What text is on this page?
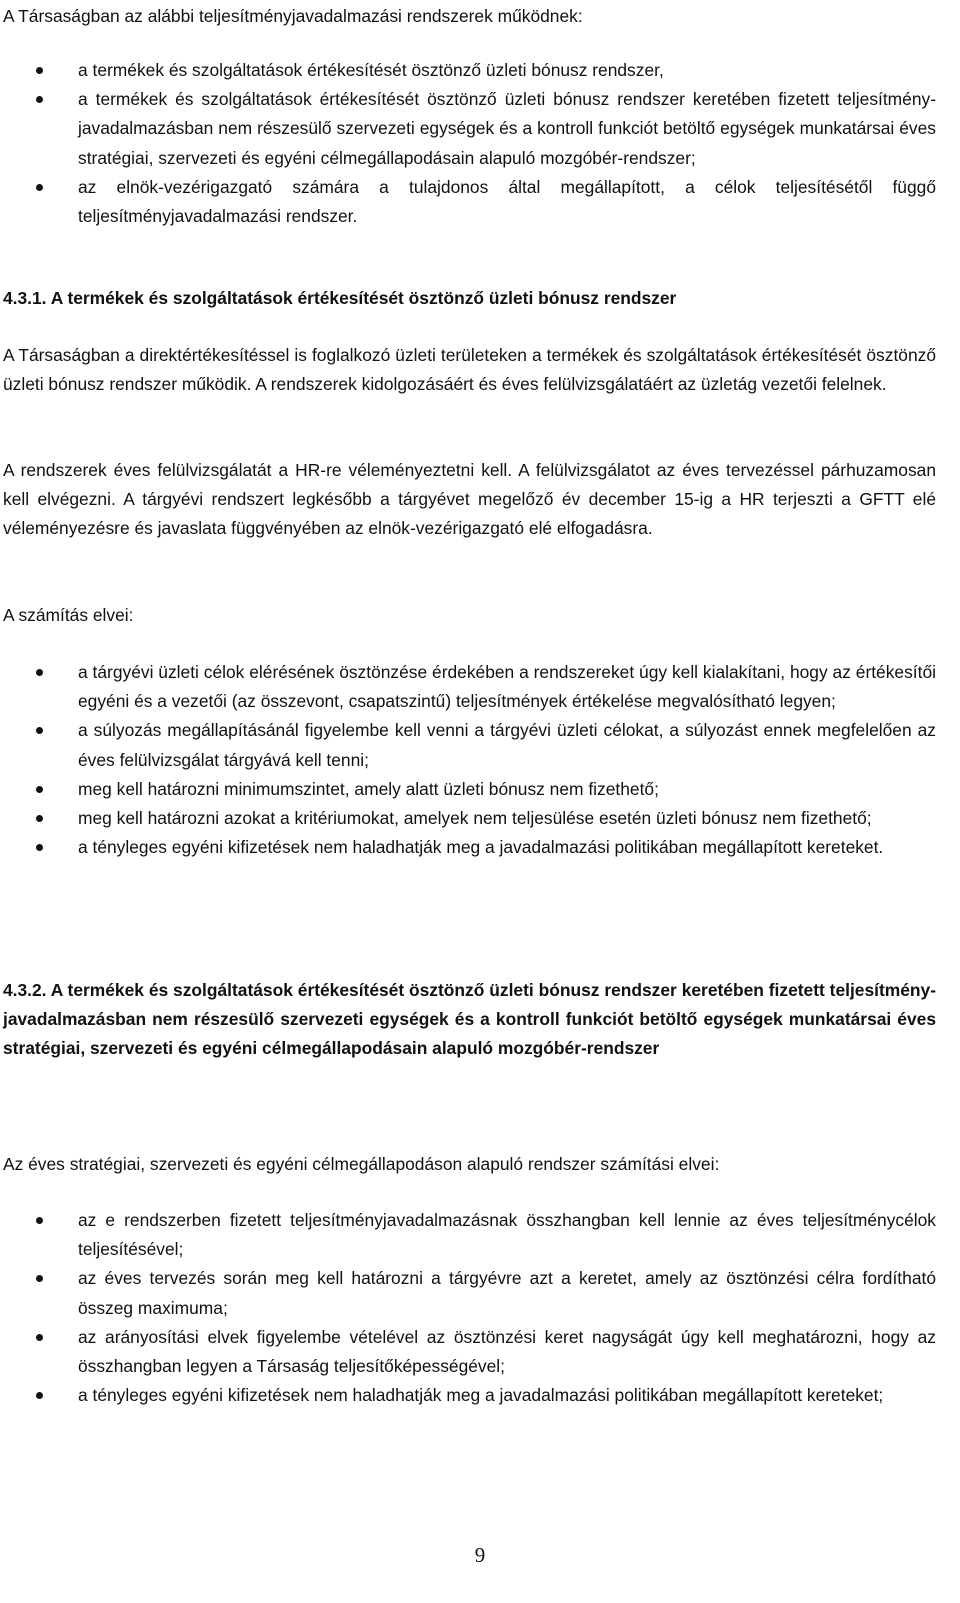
A Társaságban az alábbi teljesítményjavadalmazási rendszerek működnek:

a termékek és szolgáltatások értékesítését ösztönző üzleti bónusz rendszer,
a termékek és szolgáltatások értékesítését ösztönző üzleti bónusz rendszer keretében fizetett teljesítmény-javadalmazásban nem részesülő szervezeti egységek és a kontroll funkciót betöltő egységek munkatársai éves stratégiai, szervezeti és egyéni célmegállapodásain alapuló mozgóbér-rendszer;
az elnök-vezérigazgató számára a tulajdonos által megállapított, a célok teljesítésétől függő teljesítményjavadalmazási rendszer.

4.3.1. A termékek és szolgáltatások értékesítését ösztönző üzleti bónusz rendszer

A Társaságban a direktértékesítéssel is foglalkozó üzleti területeken a termékek és szolgáltatások értékesítését ösztönző üzleti bónusz rendszer működik. A rendszerek kidolgozásáért és éves felülvizsgálatáért az üzletág vezetői felelnek.

A rendszerek éves felülvizsgálatát a HR-re véleményeztetni kell. A felülvizsgálatot az éves tervezéssel párhuzamosan kell elvégezni. A tárgyévi rendszert legkésőbb a tárgyévet megelőző év december 15-ig a HR terjeszti a GFTT elé véleményezésre és javaslata függvényében az elnök-vezérigazgató elé elfogadásra.

A számítás elvei:

a tárgyévi üzleti célok elérésének ösztönzése érdekében a rendszereket úgy kell kialakítani, hogy az értékesítői egyéni és a vezetői (az összevont, csapatszintű) teljesítmények értékelése megvalósítható legyen;
a súlyozás megállapításánál figyelembe kell venni a tárgyévi üzleti célokat, a súlyozást ennek megfelelően az éves felülvizsgálat tárgyává kell tenni;
meg kell határozni minimumszintet, amely alatt üzleti bónusz nem fizethető;
meg kell határozni azokat a kritériumokat, amelyek nem teljesülése esetén üzleti bónusz nem fizethető;
a tényleges egyéni kifizetések nem haladhatják meg a javadalmazási politikában megállapított kereteket.

4.3.2. A termékek és szolgáltatások értékesítését ösztönző üzleti bónusz rendszer keretében fizetett teljesítmény-javadalmazásban nem részesülő szervezeti egységek és a kontroll funkciót betöltő egységek munkatársai éves stratégiai, szervezeti és egyéni célmegállapodásain alapuló mozgóbér-rendszer

Az éves stratégiai, szervezeti és egyéni célmegállapodáson alapuló rendszer számítási elvei:

az e rendszerben fizetett teljesítményjavadalmazásnak összhangban kell lennie az éves teljesítménycélok teljesítésével;
az éves tervezés során meg kell határozni a tárgyévre azt a keretet, amely az ösztönzési célra fordítható összeg maximuma;
az arányosítási elvek figyelembe vételével az ösztönzési keret nagyságát úgy kell meghatározni, hogy az összhangban legyen a Társaság teljesítőképességével;
a tényleges egyéni kifizetések nem haladhatják meg a javadalmazási politikában megállapított kereteket;
9
